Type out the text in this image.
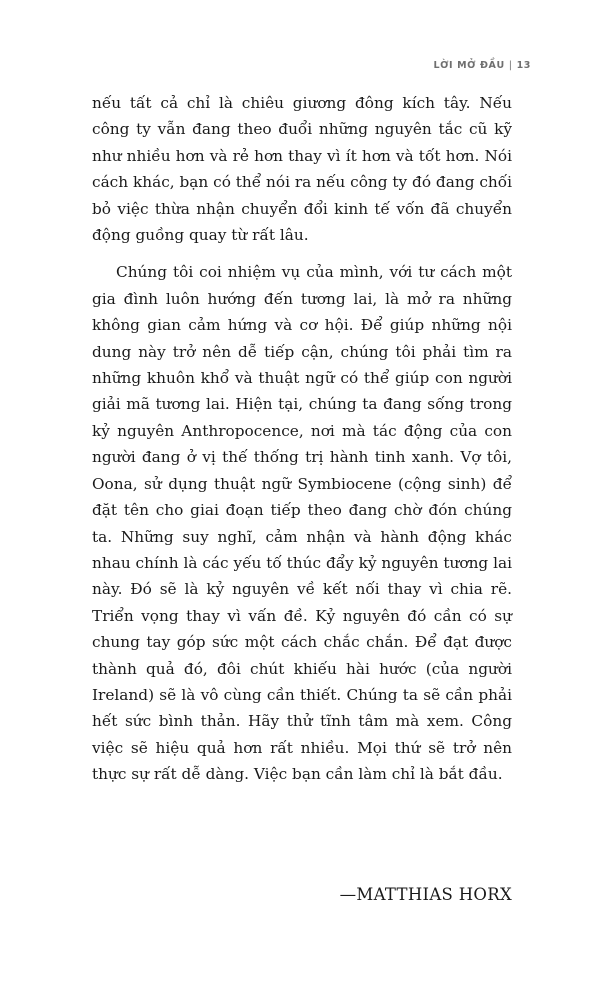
LỜI MỞ ĐẦU | 13

nếu tất cả chỉ là chiêu giương đông kích tây. Nếu công ty vẫn đang theo đuổi những nguyên tắc cũ kỹ như nhiều hơn và rẻ hơn thay vì ít hơn và tốt hơn. Nói cách khác, bạn có thể nói ra nếu công ty đó đang chối bỏ việc thừa nhận chuyển đổi kinh tế vốn đã chuyển động guồng quay từ rất lâu.

Chúng tôi coi nhiệm vụ của mình, với tư cách một gia đình luôn hướng đến tương lai, là mở ra những không gian cảm hứng và cơ hội. Để giúp những nội dung này trở nên dễ tiếp cận, chúng tôi phải tìm ra những khuôn khổ và thuật ngữ có thể giúp con người giải mã tương lai. Hiện tại, chúng ta đang sống trong kỷ nguyên Anthropocence, nơi mà tác động của con người đang ở vị thế thống trị hành tinh xanh. Vợ tôi, Oona, sử dụng thuật ngữ Symbiocene (cộng sinh) để đặt tên cho giai đoạn tiếp theo đang chờ đón chúng ta. Những suy nghĩ, cảm nhận và hành động khác nhau chính là các yếu tố thúc đẩy kỷ nguyên tương lai này. Đó sẽ là kỷ nguyên về kết nối thay vì chia rẽ. Triển vọng thay vì vấn đề. Kỷ nguyên đó cần có sự chung tay góp sức một cách chắc chắn. Để đạt được thành quả đó, đôi chút khiếu hài hước (của người Ireland) sẽ là vô cùng cần thiết. Chúng ta sẽ cần phải hết sức bình thản. Hãy thử tĩnh tâm mà xem. Công việc sẽ hiệu quả hơn rất nhiều. Mọi thứ sẽ trở nên thực sự rất dễ dàng. Việc bạn cần làm chỉ là bắt đầu.

—MATTHIAS HORX
